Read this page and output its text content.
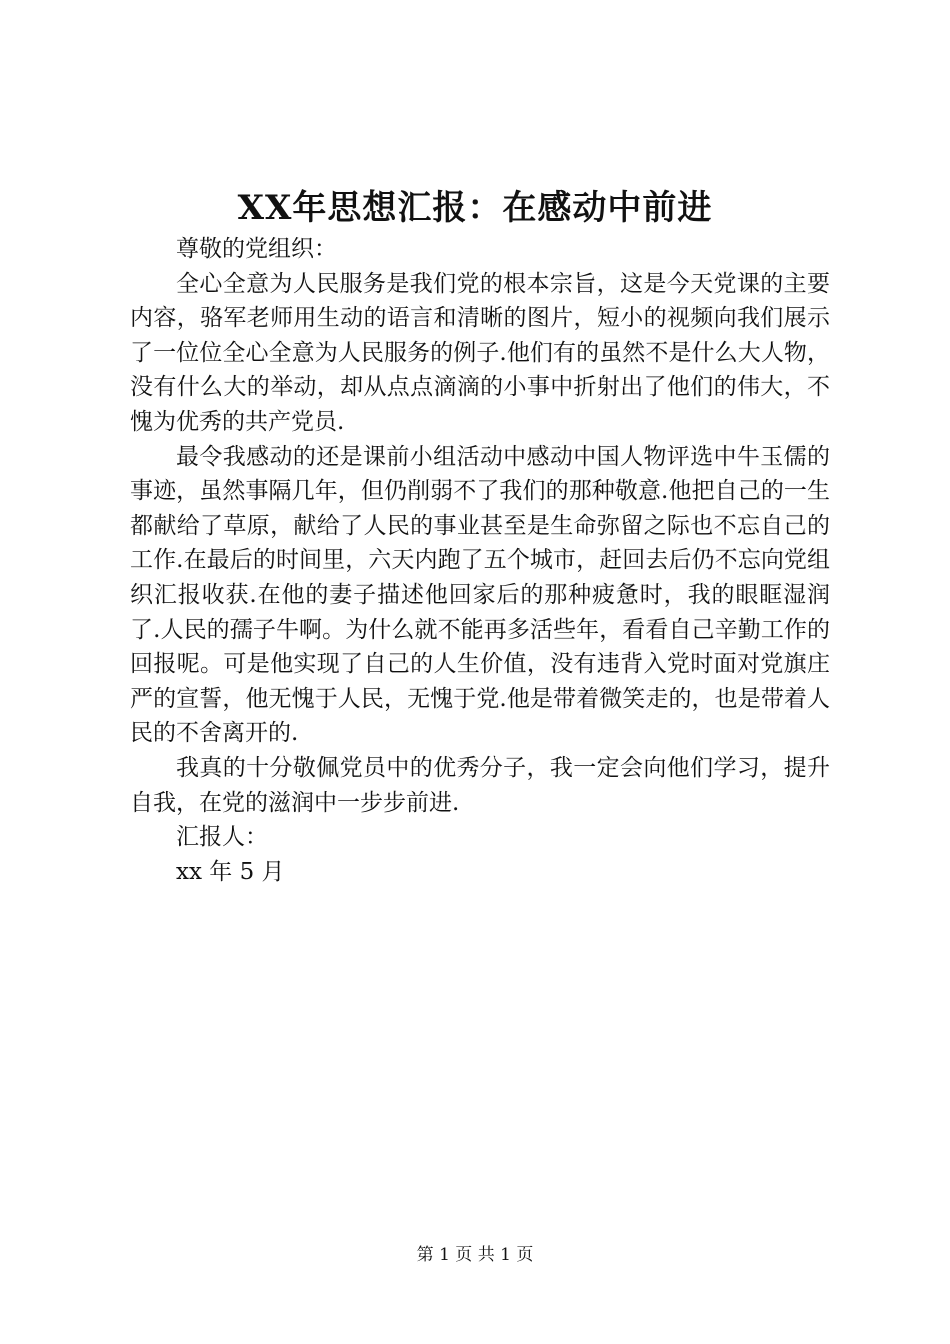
XX年思想汇报：在感动中前进

尊敬的党组织：

全心全意为人民服务是我们党的根本宗旨，这是今天党课的主要内容，骆军老师用生动的语言和清晰的图片，短小的视频向我们展示了一位位全心全意为人民服务的例子.他们有的虽然不是什么大人物，没有什么大的举动，却从点点滴滴的小事中折射出了他们的伟大，不愧为优秀的共产党员.

最令我感动的还是课前小组活动中感动中国人物评选中牛玉儒的事迹，虽然事隔几年，但仍削弱不了我们的那种敬意.他把自己的一生都献给了草原，献给了人民的事业甚至是生命弥留之际也不忘自己的工作.在最后的时间里，六天内跑了五个城市，赶回去后仍不忘向党组织汇报收获.在他的妻子描述他回家后的那种疲惫时，我的眼眶湿润了.人民的孺子牛啊。为什么就不能再多活些年，看看自己辛勤工作的回报呢。可是他实现了自己的人生价值，没有违背入党时面对党旗庄严的宣誓，他无愧于人民，无愧于党.他是带着微笑走的，也是带着人民的不舍离开的.

我真的十分敬佩党员中的优秀分子，我一定会向他们学习，提升自我，在党的滋润中一步步前进.

汇报人：

xx 年 5 月

第 1 页 共 1 页
